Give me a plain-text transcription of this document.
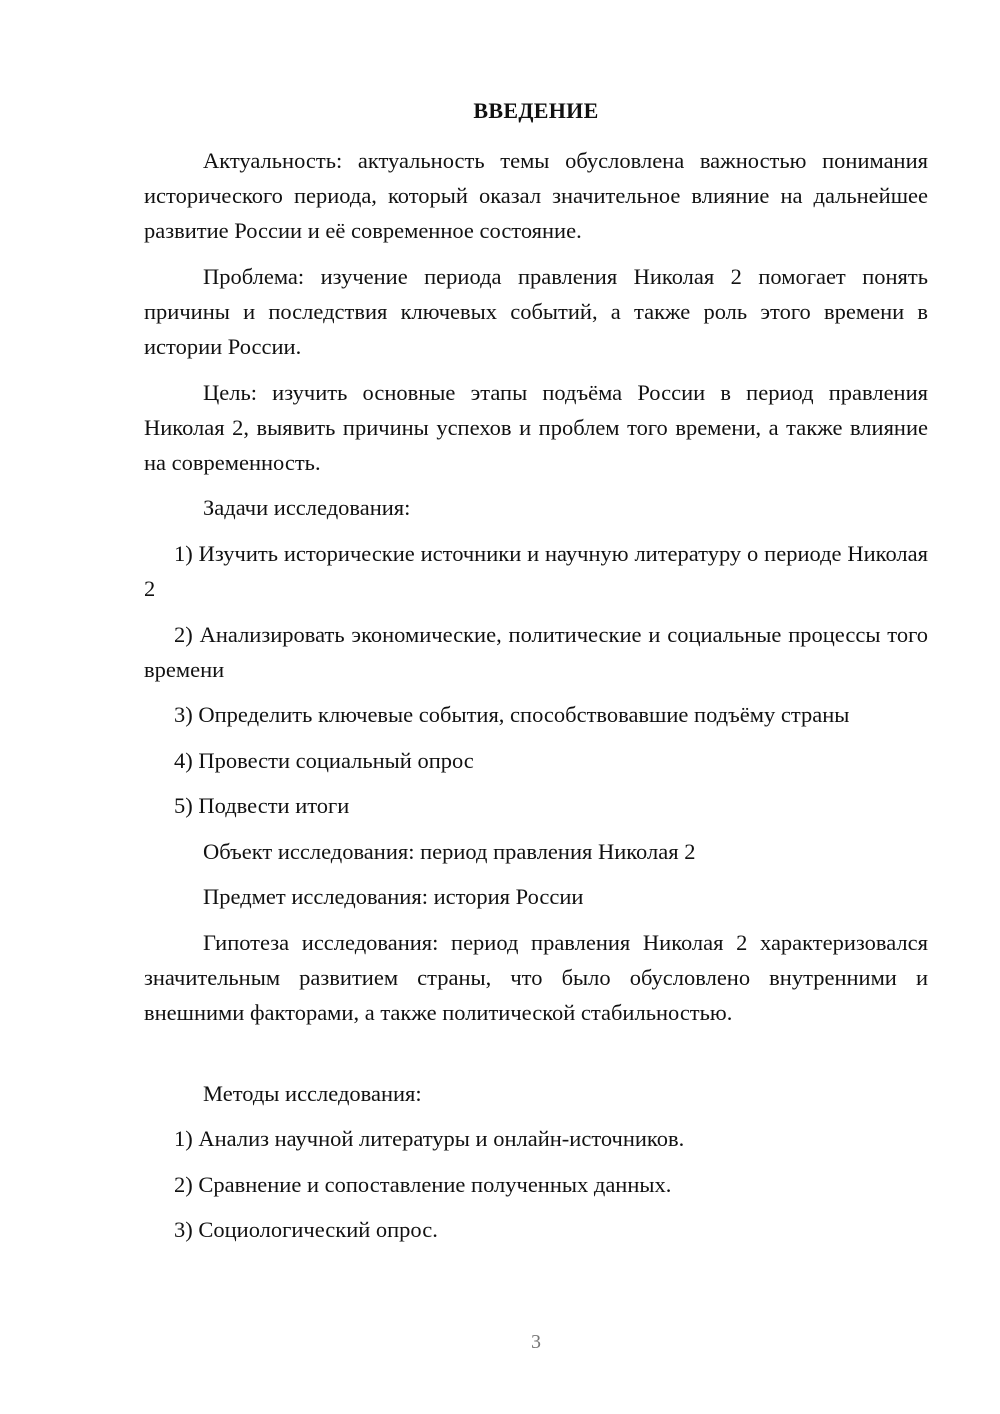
ВВЕДЕНИЕ

Актуальность: актуальность темы обусловлена важностью понимания исторического периода, который оказал значительное влияние на дальнейшее развитие России и её современное состояние.

Проблема: изучение периода правления Николая 2 помогает понять причины и последствия ключевых событий, а также роль этого времени в истории России.

Цель: изучить основные этапы подъёма России в период правления Николая 2, выявить причины успехов и проблем того времени, а также влияние на современность.

Задачи исследования:

1) Изучить исторические источники и научную литературу о периоде Николая 2

2) Анализировать экономические, политические и социальные процессы того времени

3) Определить ключевые события, способствовавшие подъёму страны

4) Провести социальный опрос

5) Подвести итоги

Объект исследования: период правления Николая 2

Предмет исследования: история России

Гипотеза исследования: период правления Николая 2 характеризовался значительным развитием страны, что было обусловлено внутренними и внешними факторами, а также политической стабильностью.

Методы исследования:

1) Анализ научной литературы и онлайн-источников.

2) Сравнение и сопоставление полученных данных.

3) Социологический опрос.

3
